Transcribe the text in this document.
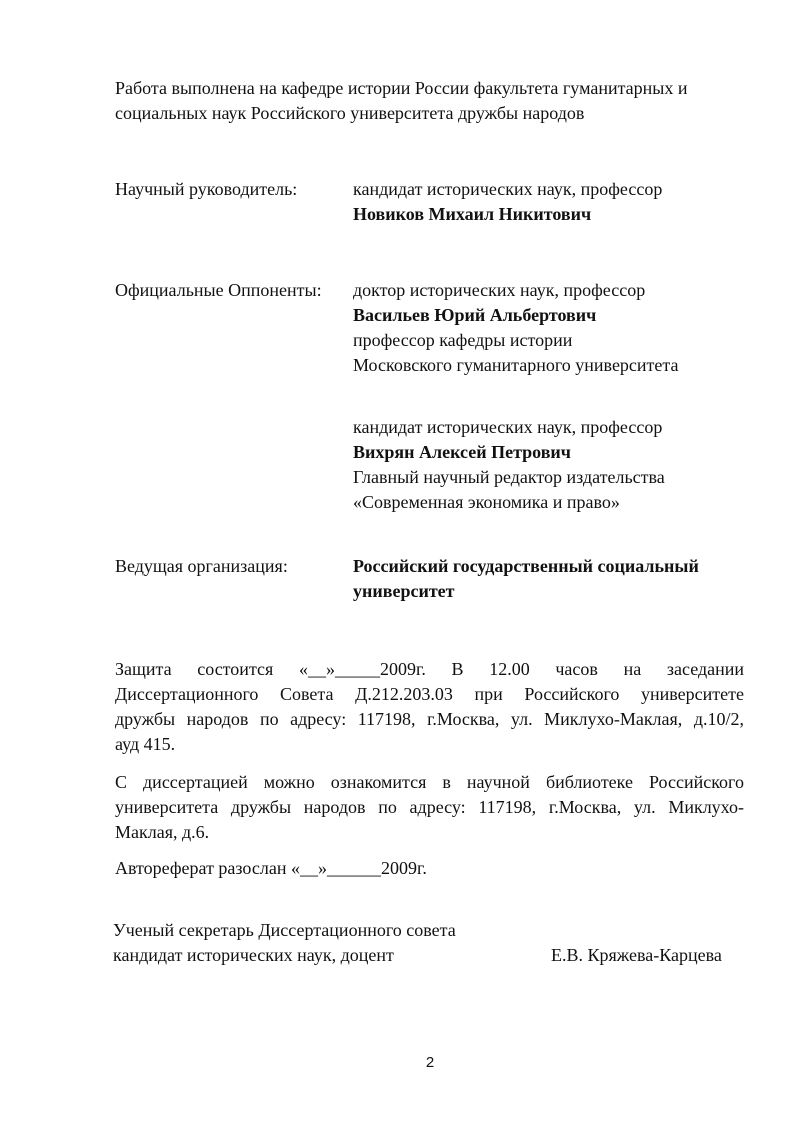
Работа выполнена на кафедре истории России факультета гуманитарных и
социальных наук Российского университета дружбы народов
Научный руководитель:	кандидат исторических наук, профессор
Новиков Михаил Никитович
Официальные Оппоненты: доктор исторических наук, профессор
Васильев Юрий Альбертович
профессор кафедры истории
Московского гуманитарного университета
кандидат исторических наук, профессор
Вихрян Алексей Петрович
Главный научный редактор издательства
«Современная экономика и право»
Ведущая организация:	Российский государственный социальный
университет
Защита состоится «__»_____2009г. В 12.00 часов на заседании
Диссертационного Совета Д.212.203.03 при Российского университете
дружбы народов по адресу: 117198, г.Москва, ул. Миклухо-Маклая, д.10/2,
ауд 415.
С диссертацией можно ознакомится в научной библиотеке Российского
университета дружбы народов по адресу: 117198, г.Москва, ул. Миклухо-
Маклая, д.6.
Автореферат разослан «__»______2009г.
Ученый секретарь Диссертационного совета
кандидат исторических наук, доцент	Е.В. Кряжева-Карцева
2
